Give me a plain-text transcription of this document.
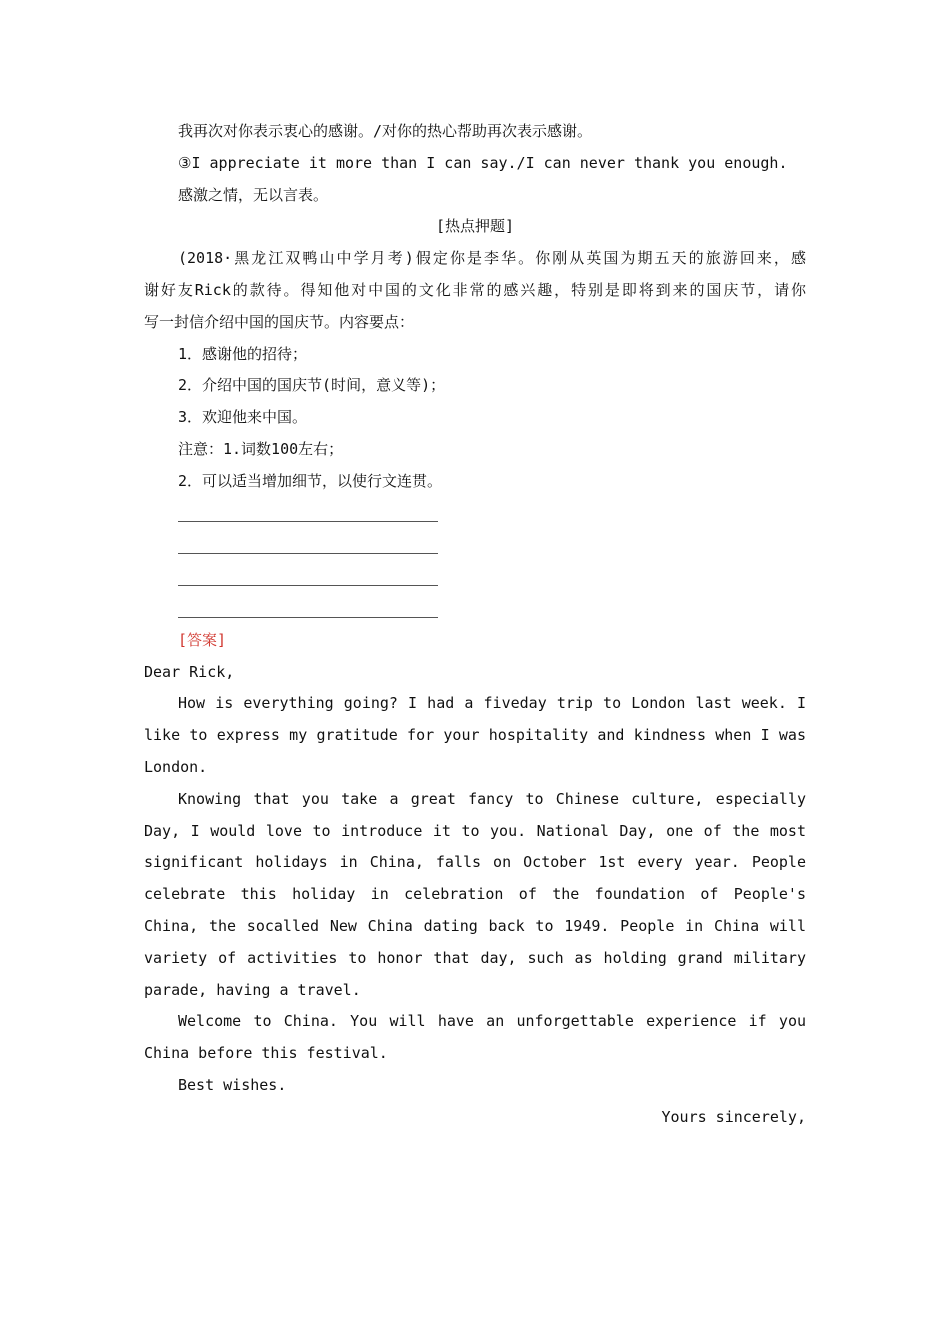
我再次对你表示衷心的感谢。/对你的热心帮助再次表示感谢。
③I appreciate it more than I can say./I can never thank you enough.
感激之情，无以言表。
[热点押题]
(2018·黑龙江双鸭山中学月考)假定你是李华。你刚从英国为期五天的旅游回来，感
谢好友Rick的款待。得知他对中国的文化非常的感兴趣，特别是即将到来的国庆节，请你
写一封信介绍中国的国庆节。内容要点：
1．感谢他的招待；
2．介绍中国的国庆节(时间，意义等)；
3．欢迎他来中国。
注意：1.词数100左右；
2．可以适当增加细节，以使行文连贯。
[答案]
Dear Rick,
How is everything going? I had a fiveday trip to London last week. I
like to express my gratitude for your hospitality and kindness when I was
London.
Knowing that you take a great fancy to Chinese culture, especially
Day, I would love to introduce it to you. National Day, one of the most
significant holidays in China, falls on October 1st every year. People
celebrate this holiday in celebration of the foundation of People's
China, the socalled New China dating back to 1949. People in China will
variety of activities to honor that day, such as holding grand military
parade, having a travel.
Welcome to China. You will have an unforgettable experience if you
China before this festival.
Best wishes.
Yours sincerely,
